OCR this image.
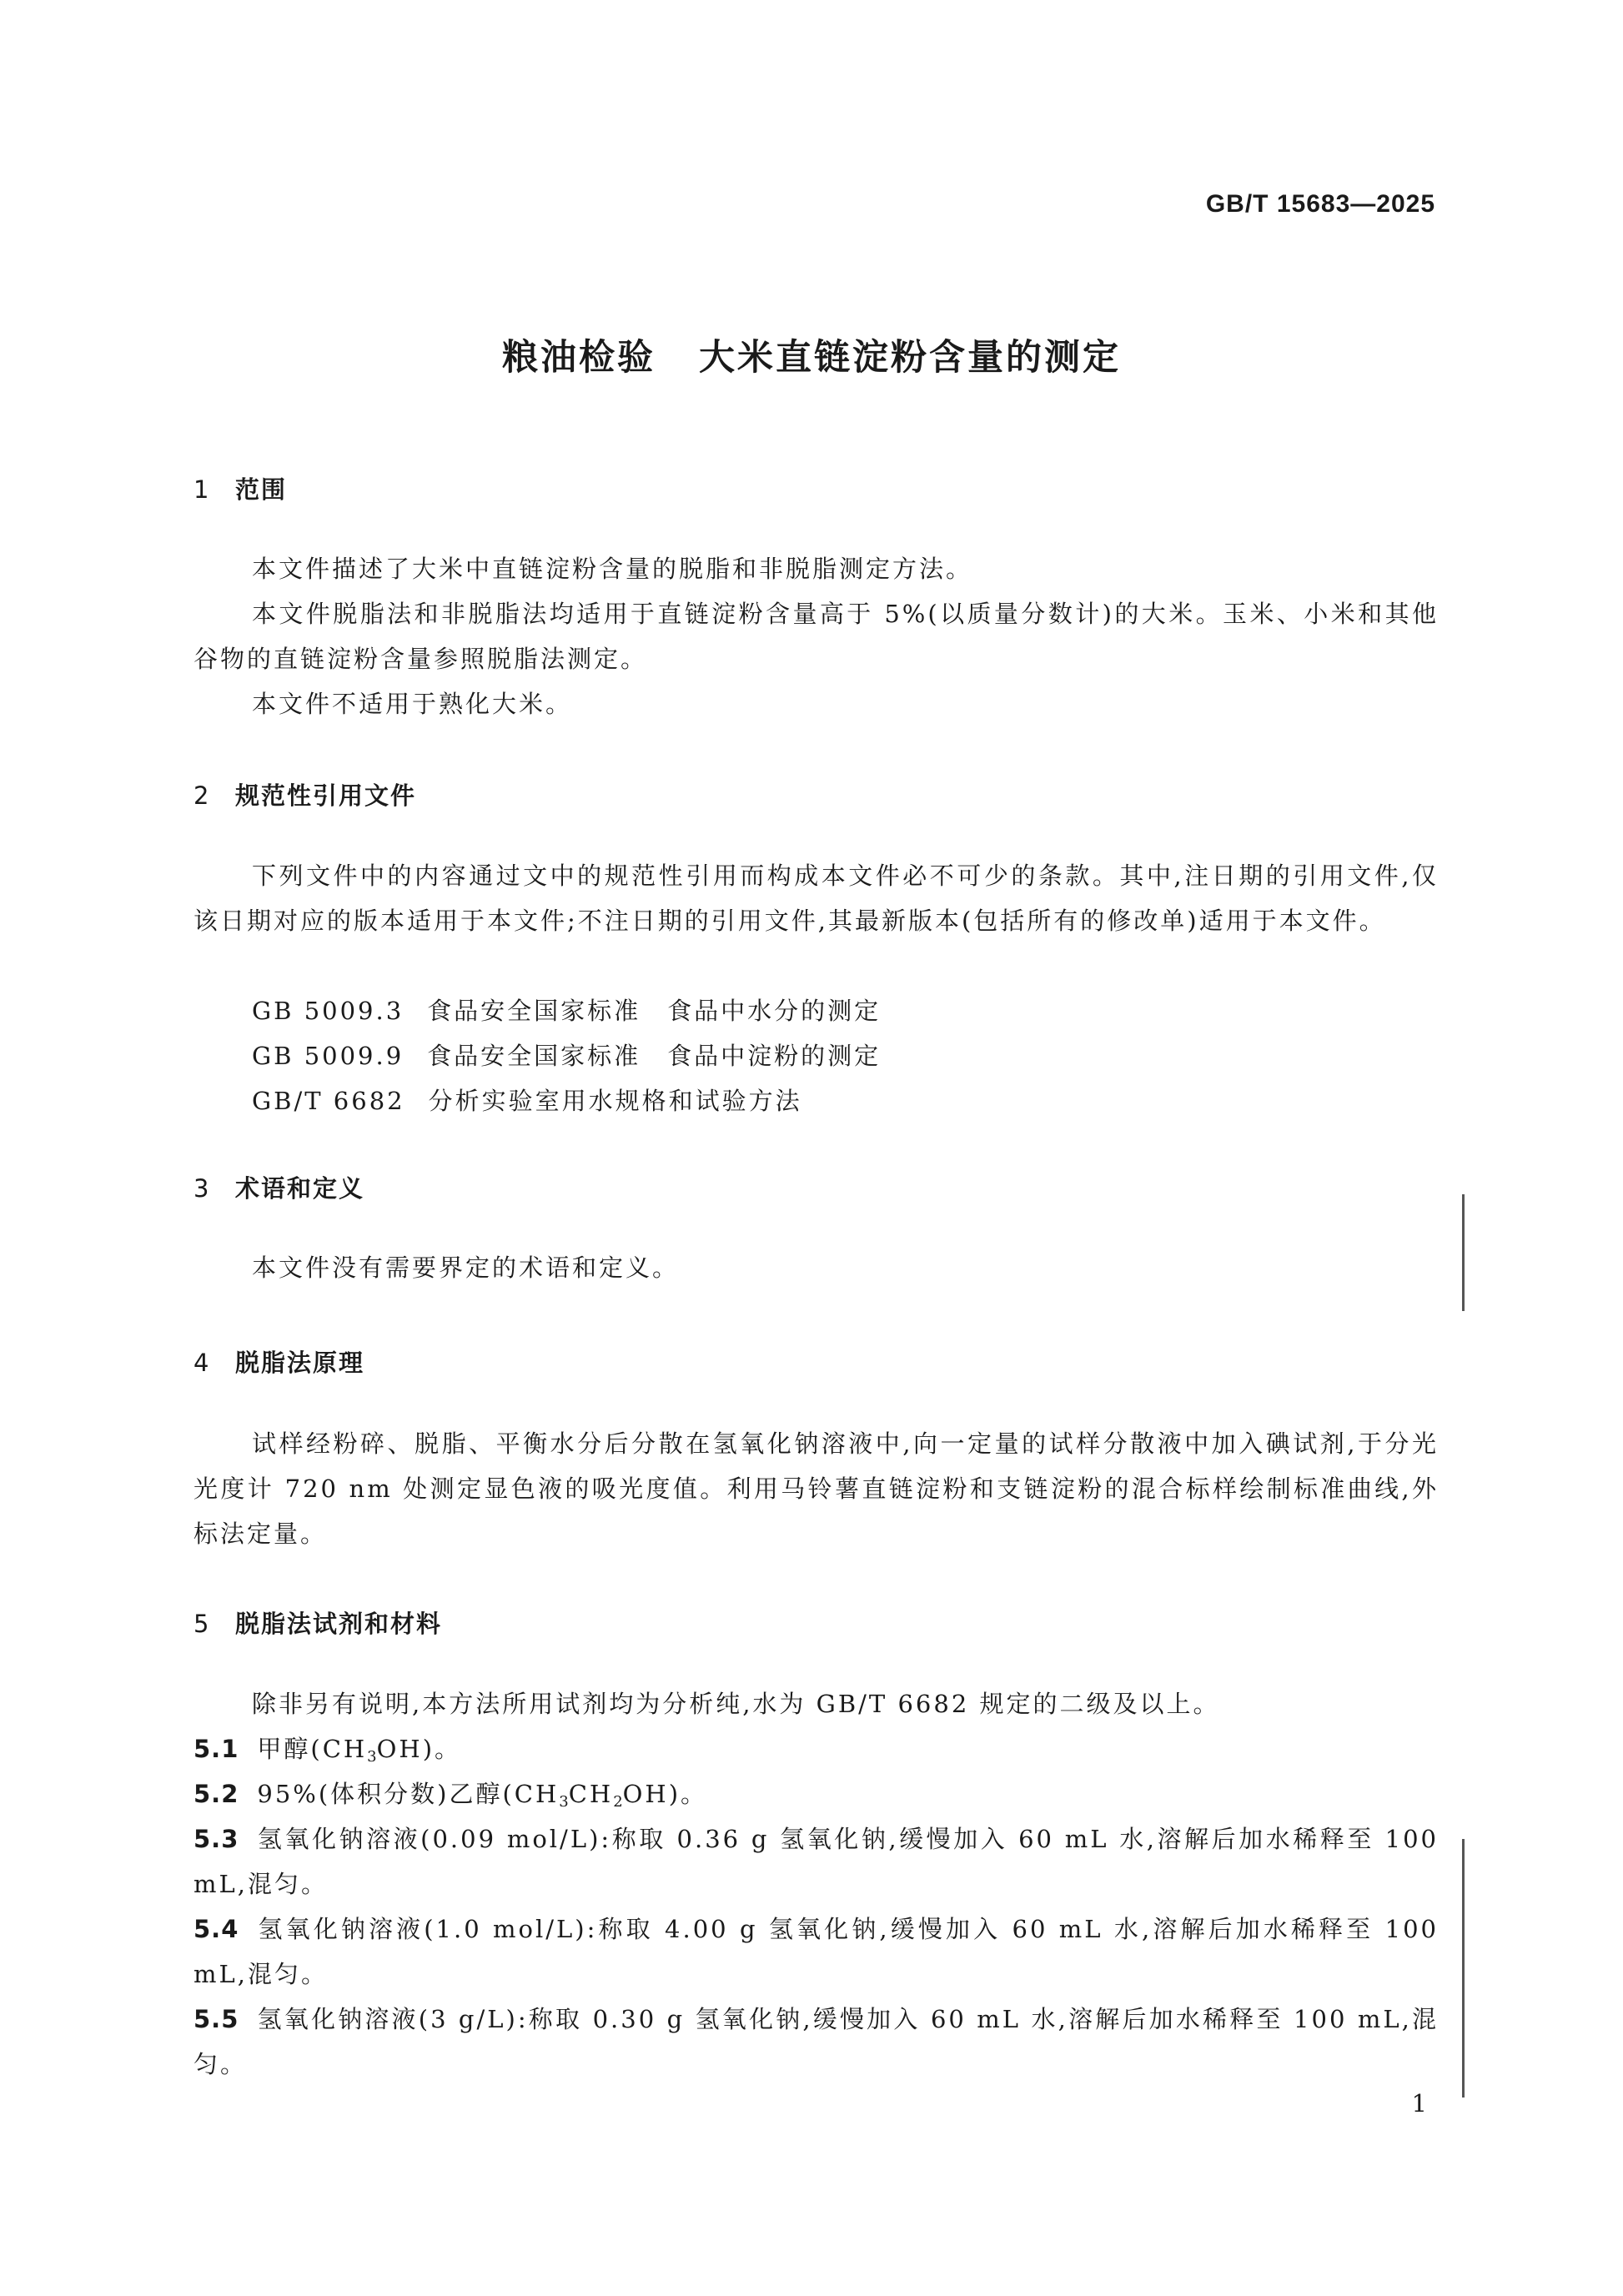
GB/T 15683—2025
粮油检验 大米直链淀粉含量的测定
1 范围
本文件描述了大米中直链淀粉含量的脱脂和非脱脂测定方法。
本文件脱脂法和非脱脂法均适用于直链淀粉含量高于 5%(以质量分数计)的大米。玉米、小米和其他谷物的直链淀粉含量参照脱脂法测定。
本文件不适用于熟化大米。
2 规范性引用文件
下列文件中的内容通过文中的规范性引用而构成本文件必不可少的条款。其中,注日期的引用文件,仅该日期对应的版本适用于本文件;不注日期的引用文件,其最新版本(包括所有的修改单)适用于本文件。
GB 5009.3 食品安全国家标准　食品中水分的测定
GB 5009.9 食品安全国家标准　食品中淀粉的测定
GB/T 6682 分析实验室用水规格和试验方法
3 术语和定义
本文件没有需要界定的术语和定义。
4 脱脂法原理
试样经粉碎、脱脂、平衡水分后分散在氢氧化钠溶液中,向一定量的试样分散液中加入碘试剂,于分光光度计 720 nm 处测定显色液的吸光度值。利用马铃薯直链淀粉和支链淀粉的混合标样绘制标准曲线,外标法定量。
5 脱脂法试剂和材料
除非另有说明,本方法所用试剂均为分析纯,水为 GB/T 6682 规定的二级及以上。
5.1 甲醇$(CH_3OH)$。
5.2 95%(体积分数)乙醇$(CH_3CH_2OH)$。
5.3 氢氧化钠溶液(0.09 mol/L):称取 0.36 g 氢氧化钠,缓慢加入 60 mL 水,溶解后加水稀释至 100 mL,混匀。
5.4 氢氧化钠溶液(1.0 mol/L):称取 4.00 g 氢氧化钠,缓慢加入 60 mL 水,溶解后加水稀释至 100 mL,混匀。
5.5 氢氧化钠溶液(3 g/L):称取 0.30 g 氢氧化钠,缓慢加入 60 mL 水,溶解后加水稀释至 100 mL,混匀。
1
